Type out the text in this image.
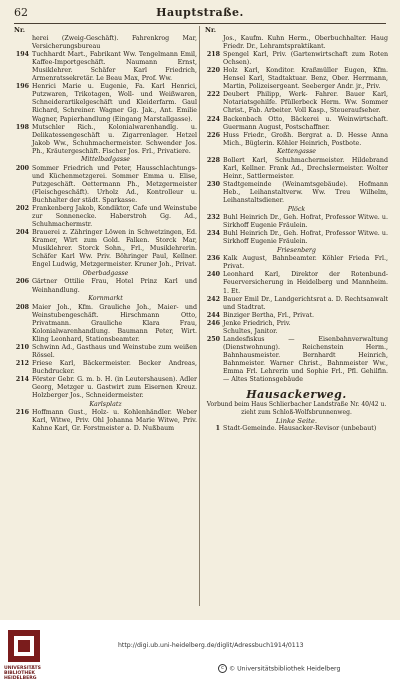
62	Hauptstraße.
Nr.
herei (Zweig-Geschäft). Fahrenkrog Mar, Versicherungsbureau
194 Tuchhardt Mart., Fabrikant Ww. Tengelmann Emil, Kaffee-Importgeschäft. Naumann Ernst, Musiklehrer. Schäfer Karl Friedrich, Armenratssekretär. Le Beau Max, Prof. Ww.
196 Henrici Marie u. Eugenie, Fa. Karl Henrici, Putzwaren, Trikotagen, Woll- und Weißwaren, Schneiderartikelgeschäft und Kleiderfarm. Gaul Richard, Schreiner. Wagner Gg. Jak., Ant. Emilie Wagner, Papierhandlung (Eingang Marstallgasse).
198 Mutschler Rich., Kolonialwarenhandlg. u. Delikatessengeschäft u. Zigarrenlager. Hetzel Jakob Ww., Schuhmachermeister. Schwender Jos. Ph., Kräutergeschäft. Fischer Jos. Frl., Privatiere.
Mittelbadgasse
200 Sommer Friedrich und Peter, Hausschlachtungs- und Küchenmetzgerei. Sommer Emma u. Elise, Putzgeschäft. Oettermann Ph., Metzgermeister (Fleischgeschäft). Urholz Ad., Kontrolleur u. Buchhalter der städt. Sparkasse.
202 Frankenberg Jakob, Kondiktor, Cafe und Weinstube zur Sonnenecke. Haberstroh Gg. Ad., Schuhmachermstr.
204 Brauerei z. Zähringer Löwen in Schwetzingen, Ed. Kramer, Wirt zum Gold. Falken. Storck Mar, Musiklehrer. Storck Sohn., Frl., Musiklehrerin. Schäfer Karl Ww. Priv. Böhringer Paul, Kellner. Engel Ludwig, Metzgermeister. Kruner Joh., Privat.
Oberbadgasse
206 Gärtner Ottilie Frau, Hotel Prinz Karl und Weinhandlung.
Kornmarkt
208 Maier Joh., Kfm. Grauliche Joh., Maier- und Weinstubengeschäft. Hirschmann Otto, Privatmann. Grauliche Klara Frau, Kolonialwarenhandlung. Baumann Peter, Wirt. Kling Leonhard, Stationsbeamter.
210 Schwinn Ad., Gasthaus und Weinstube zum weißen Rössel.
212 Friese Karl, Bäckermeister. Becker Andreas, Buchdrucker.
214 Förster Gebr. G. m. b. H. (in Leutershausen). Adler Georg, Metzger u. Gastwirt zum Eisernen Kreuz. Holzberger Jos., Schneidermeister.
Karlsplatz
216 Hoffmann Gust., Holz- u. Kohlenhändler. Weber Karl, Witwe, Priv. Ohl Johanna Marie Witwe, Priv. Kahne Karl, Gr. Forstmeister a. D. Nußbaum
Nr.
Jos., Kaufm. Kuhn Herm., Oberbuchhalter. Haug Friedr. Dr., Lehramtspraktikant.
218 Spengel Karl, Priv. (Gartenwirtschaft zum Roten Ochsen).
220 Holz Karl, Konditor. Kraßmüller Eugen, Kfm. Hensel Karl, Stadtaktuar. Benz, Ober. Herrmann, Martin, Polizeisergeant. Seeberger Andr. jr., Priv.
222 Deubert Philipp, Werk- Fahrer. Bauer Karl, Notariatsgehilfe. Pfüllerbeck Herm. Ww. Sommer Christ., Fab. Arbeiter. Voll Kasp., Steueraufseher.
224 Backenbach Otto, Bäckerei u. Weinwirtschaft. Guermann August, Postschaffner.
226 Huss Friedr., Großh. Bergrat a. D. Hesse Anna Mich., Büglerin. Köhler Heinrich, Postbote.
Kettengasse
228 Bollert Karl, Schuhmachermeister. Hildebrand Karl, Kellner. Frank Ad., Drechslermeister. Wolter Heinr., Sattlermeister.
230 Stadtgemeinde (Weinamtsgebäude). Hofmann Heb., Leihanstaltverw. Ww. Treu Wilhelm, Leihanstaltsdiener.
Plöck
232 Buhl Heinrich Dr., Geh. Hofrat, Professor Witwe. u. Sirkhoff Eugenie Fräulein.
234 Buhl Heinrich Dr., Geh. Hofrat, Professor Witwe. u. Sirkhoff Eugenie Fräulein.
Friesenberg
236 Kalk August, Bahnbeamter. Köhler Frieda Frl., Privat.
240 Leonhard Karl, Direktor der Rotenbund-Feuerversicherung in Heidelberg und Mannheim. 1. Et.
242 Bauer Emil Dr., Landgerichtsrat a. D. Rechtsanwalt und Stadtrat.
244 Binziger Bertha, Frl., Privat.
246 Jenke Friedrich, Priv.
Schultes, Janitor.
250 Landesfiskus — Eisenbahnverwaltung (Dienstwohnung). Reichenstein Herm., Bahnhausmeister. Bernhardt Heinrich, Bahnmeister. Warner Christ., Bahnmeister Ww., Emma Frl. Lehrerin und Sophie Frl., Pfl. Gehilfin. — Altes Stationsgebäude
Hausackerweg.
Vorbund beim Haus Schlierbacher Landstraße Nr. 40/42 u. zieht zum Schloß-Wolfsbrunnenweg.
Linke Seite.
1 Stadt-Gemeinde. Hausacker-Revisor (unbebaut)
UNIVERSITÄTS BIBLIOTHEK HEIDELBERG
http://digi.ub.uni-heidelberg.de/diglit/Adressbuch1914/0113
c © Universitätsbibliothek Heidelberg
